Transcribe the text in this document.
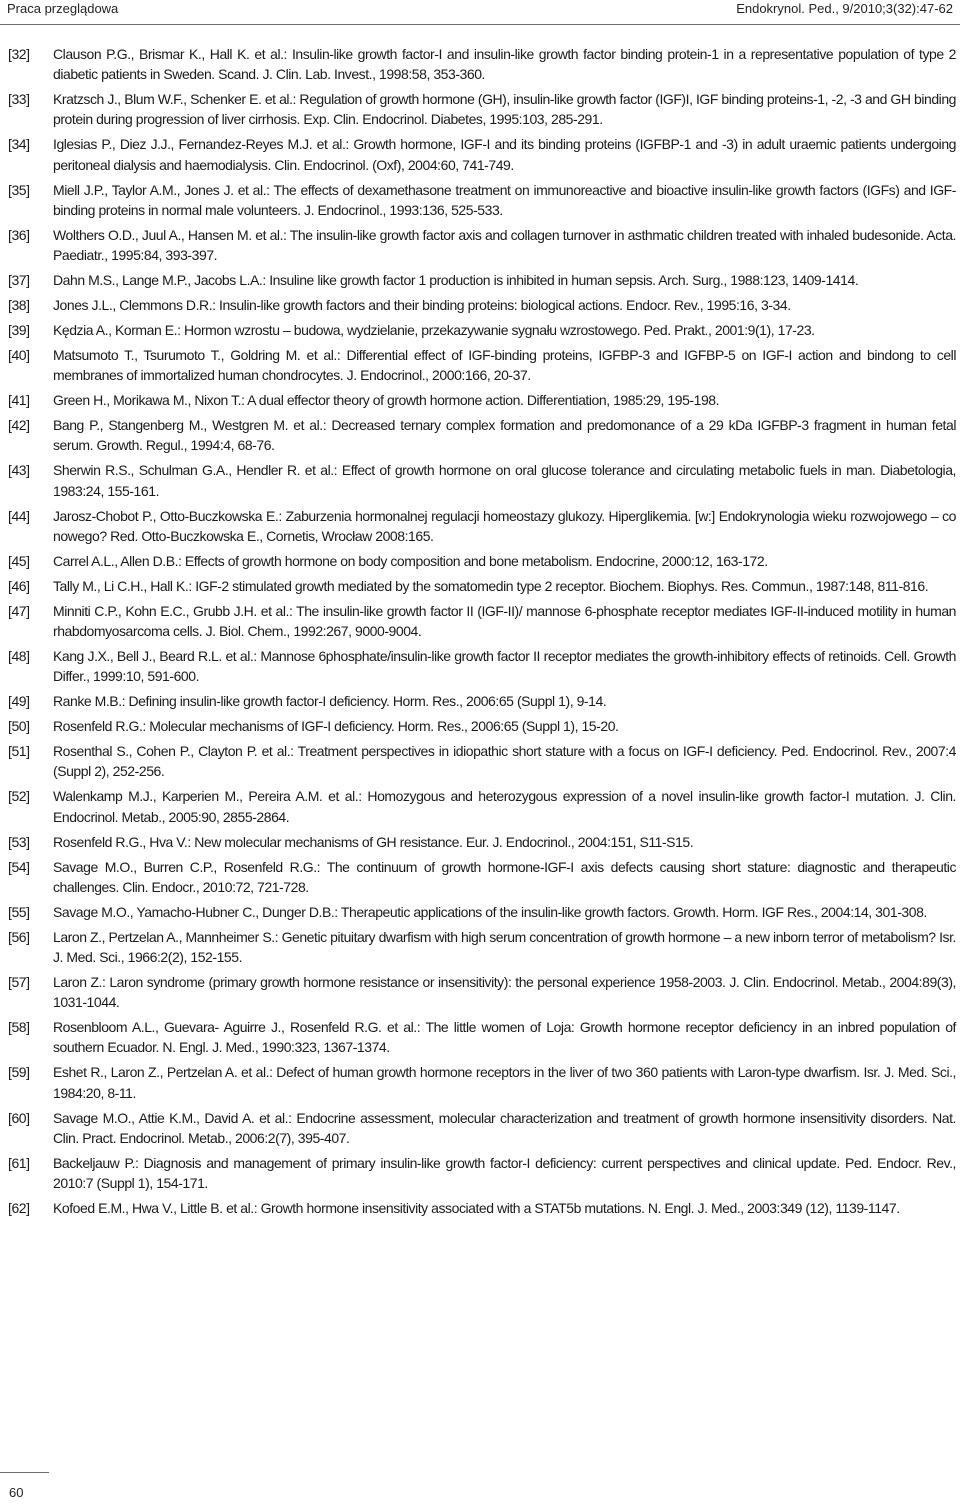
Praca przeglądowa	Endokrynol. Ped., 9/2010;3(32):47-62
[32]	Clauson P.G., Brismar K., Hall K. et al.: Insulin-like growth factor-I and insulin-like growth factor binding protein-1 in a representative population of type 2 diabetic patients in Sweden. Scand. J. Clin. Lab. Invest., 1998:58, 353-360.
[33]	Kratzsch J., Blum W.F., Schenker E. et al.: Regulation of growth hormone (GH), insulin-like growth factor (IGF)I, IGF binding proteins-1, -2, -3 and GH binding protein during progression of liver cirrhosis. Exp. Clin. Endocrinol. Diabetes, 1995:103, 285-291.
[34]	Iglesias P., Diez J.J., Fernandez-Reyes M.J. et al.: Growth hormone, IGF-I and its binding proteins (IGFBP-1 and -3) in adult uraemic patients undergoing peritoneal dialysis and haemodialysis. Clin. Endocrinol. (Oxf), 2004:60, 741-749.
[35]	Miell J.P., Taylor A.M., Jones J. et al.: The effects of dexamethasone treatment on immunoreactive and bioactive insulin-like growth factors (IGFs) and IGF-binding proteins in normal male volunteers. J. Endocrinol., 1993:136, 525-533.
[36]	Wolthers O.D., Juul A., Hansen M. et al.: The insulin-like growth factor axis and collagen turnover in asthmatic children treated with inhaled budesonide. Acta. Paediatr., 1995:84, 393-397.
[37]	Dahn M.S., Lange M.P., Jacobs L.A.: Insuline like growth factor 1 production is inhibited in human sepsis. Arch. Surg., 1988:123, 1409-1414.
[38]	Jones J.L., Clemmons D.R.: Insulin-like growth factors and their binding proteins: biological actions. Endocr. Rev., 1995:16, 3-34.
[39]	Kędzia A., Korman E.: Hormon wzrostu – budowa, wydzielanie, przekazywanie sygnału wzrostowego. Ped. Prakt., 2001:9(1), 17-23.
[40]	Matsumoto T., Tsurumoto T., Goldring M. et al.: Differential effect of IGF-binding proteins, IGFBP-3 and IGFBP-5 on IGF-I action and bindong to cell membranes of immortalized human chondrocytes. J. Endocrinol., 2000:166, 20-37.
[41]	Green H., Morikawa M., Nixon T.: A dual effector theory of growth hormone action. Differentiation, 1985:29, 195-198.
[42]	Bang P., Stangenberg M., Westgren M. et al.: Decreased ternary complex formation and predomonance of a 29 kDa IGFBP-3 fragment in human fetal serum. Growth. Regul., 1994:4, 68-76.
[43]	Sherwin R.S., Schulman G.A., Hendler R. et al.: Effect of growth hormone on oral glucose tolerance and circulating metabolic fuels in man. Diabetologia, 1983:24, 155-161.
[44]	Jarosz-Chobot P., Otto-Buczkowska E.: Zaburzenia hormonalnej regulacji homeostazy glukozy. Hiperglikemia. [w:] Endokrynologia wieku rozwojowego – co nowego? Red. Otto-Buczkowska E., Cornetis, Wrocław 2008:165.
[45]	Carrel A.L., Allen D.B.: Effects of growth hormone on body composition and bone metabolism. Endocrine, 2000:12, 163-172.
[46]	Tally M., Li C.H., Hall K.: IGF-2 stimulated growth mediated by the somatomedin type 2 receptor. Biochem. Biophys. Res. Commun., 1987:148, 811-816.
[47]	Minniti C.P., Kohn E.C., Grubb J.H. et al.: The insulin-like growth factor II (IGF-II)/ mannose 6-phosphate receptor mediates IGF-II-induced motility in human rhabdomyosarcoma cells. J. Biol. Chem., 1992:267, 9000-9004.
[48]	Kang J.X., Bell J., Beard R.L. et al.: Mannose 6phosphate/insulin-like growth factor II receptor mediates the growth-inhibitory effects of retinoids. Cell. Growth Differ., 1999:10, 591-600.
[49]	Ranke M.B.: Defining insulin-like growth factor-I deficiency. Horm. Res., 2006:65 (Suppl 1), 9-14.
[50]	Rosenfeld R.G.: Molecular mechanisms of IGF-I deficiency. Horm. Res., 2006:65 (Suppl 1), 15-20.
[51]	Rosenthal S., Cohen P., Clayton P. et al.: Treatment perspectives in idiopathic short stature with a focus on IGF-I deficiency. Ped. Endocrinol. Rev., 2007:4 (Suppl 2), 252-256.
[52]	Walenkamp M.J., Karperien M., Pereira A.M. et al.: Homozygous and heterozygous expression of a novel insulin-like growth factor-I mutation. J. Clin. Endocrinol. Metab., 2005:90, 2855-2864.
[53]	Rosenfeld R.G., Hva V.: New molecular mechanisms of GH resistance. Eur. J. Endocrinol., 2004:151, S11-S15.
[54]	Savage M.O., Burren C.P., Rosenfeld R.G.: The continuum of growth hormone-IGF-I axis defects causing short stature: diagnostic and therapeutic challenges. Clin. Endocr., 2010:72, 721-728.
[55]	Savage M.O., Yamacho-Hubner C., Dunger D.B.: Therapeutic applications of the insulin-like growth factors. Growth. Horm. IGF Res., 2004:14, 301-308.
[56]	Laron Z., Pertzelan A., Mannheimer S.: Genetic pituitary dwarfism with high serum concentration of growth hormone – a new inborn terror of metabolism? Isr. J. Med. Sci., 1966:2(2), 152-155.
[57]	Laron Z.: Laron syndrome (primary growth hormone resistance or insensitivity): the personal experience 1958-2003. J. Clin. Endocrinol. Metab., 2004:89(3), 1031-1044.
[58]	Rosenbloom A.L., Guevara- Aguirre J., Rosenfeld R.G. et al.: The little women of Loja: Growth hormone receptor deficiency in an inbred population of southern Ecuador. N. Engl. J. Med., 1990:323, 1367-1374.
[59]	Eshet R., Laron Z., Pertzelan A. et al.: Defect of human growth hormone receptors in the liver of two 360 patients with Laron-type dwarfism. Isr. J. Med. Sci., 1984:20, 8-11.
[60]	Savage M.O., Attie K.M., David A. et al.: Endocrine assessment, molecular characterization and treatment of growth hormone insensitivity disorders. Nat. Clin. Pract. Endocrinol. Metab., 2006:2(7), 395-407.
[61]	Backeljauw P.: Diagnosis and management of primary insulin-like growth factor-I deficiency: current perspectives and clinical update. Ped. Endocr. Rev., 2010:7 (Suppl 1), 154-171.
[62]	Kofoed E.M., Hwa V., Little B. et al.: Growth hormone insensitivity associated with a STAT5b mutations. N. Engl. J. Med., 2003:349 (12), 1139-1147.
60
